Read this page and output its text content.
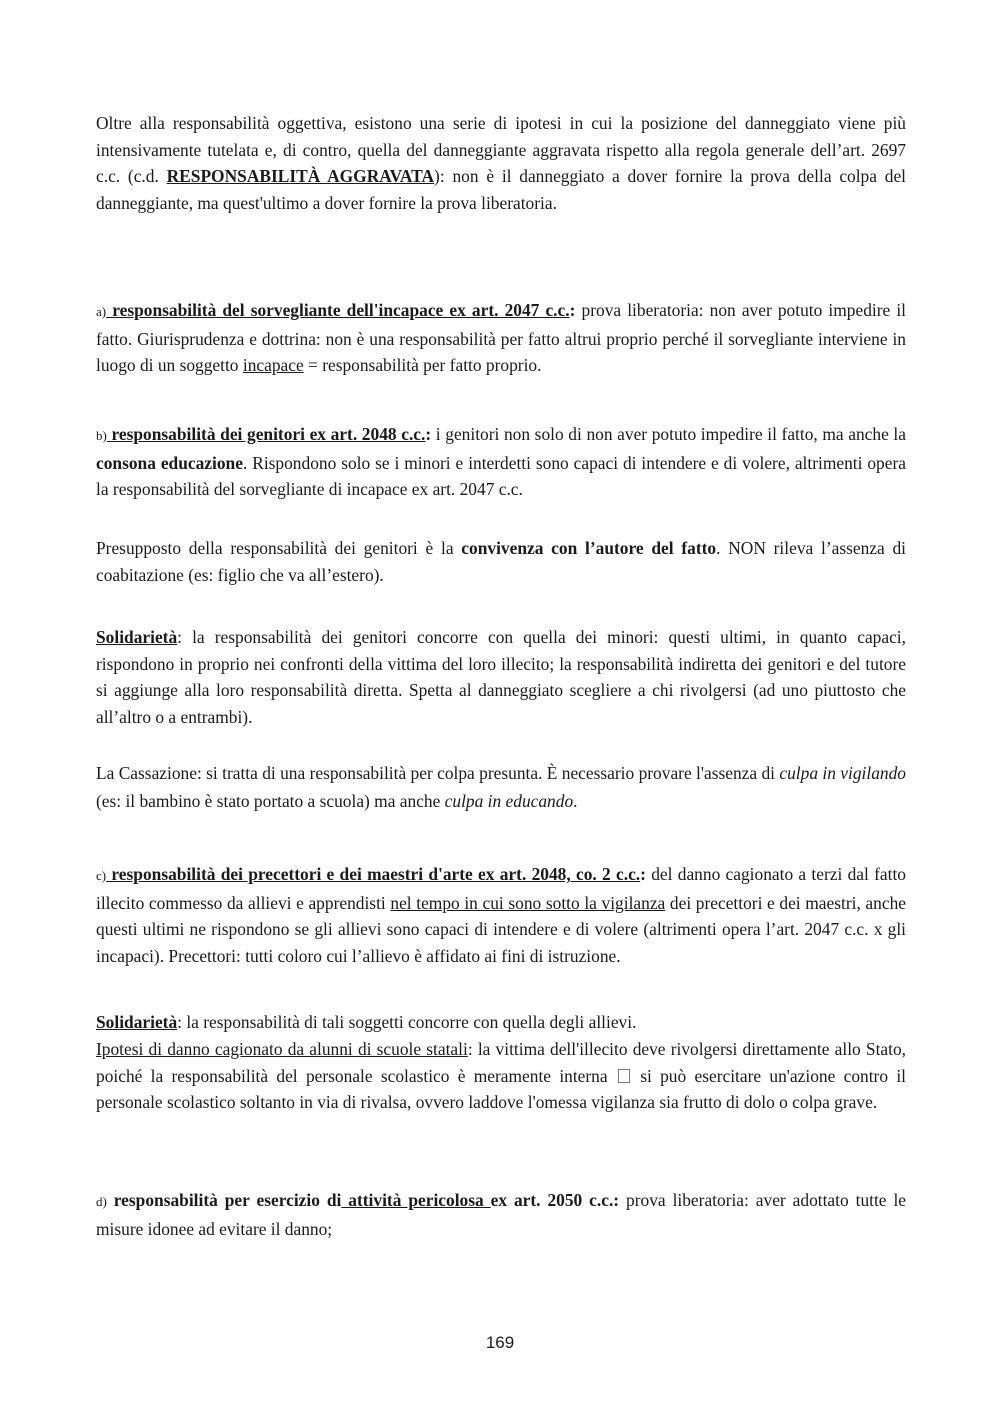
Oltre alla responsabilità oggettiva, esistono una serie di ipotesi in cui la posizione del danneggiato viene più intensivamente tutelata e, di contro, quella del danneggiante aggravata rispetto alla regola generale dell’art. 2697 c.c. (c.d. RESPONSABILITÀ AGGRAVATA): non è il danneggiato a dover fornire la prova della colpa del danneggiante, ma quest'ultimo a dover fornire la prova liberatoria.

a) responsabilità del sorvegliante dell'incapace ex art. 2047 c.c.: prova liberatoria: non aver potuto impedire il fatto. Giurisprudenza e dottrina: non è una responsabilità per fatto altrui proprio perché il sorvegliante interviene in luogo di un soggetto incapace = responsabilità per fatto proprio.

b) responsabilità dei genitori ex art. 2048 c.c.: i genitori non solo di non aver potuto impedire il fatto, ma anche la consona educazione. Rispondono solo se i minori e interdetti sono capaci di intendere e di volere, altrimenti opera la responsabilità del sorvegliante di incapace ex art. 2047 c.c.

Presupposto della responsabilità dei genitori è la convivenza con l’autore del fatto. NON rileva l’assenza di coabitazione (es: figlio che va all’estero).

Solidarietà: la responsabilità dei genitori concorre con quella dei minori: questi ultimi, in quanto capaci, rispondono in proprio nei confronti della vittima del loro illecito; la responsabilità indiretta dei genitori e del tutore si aggiunge alla loro responsabilità diretta. Spetta al danneggiato scegliere a chi rivolgersi (ad uno piuttosto che all’altro o a entrambi).

La Cassazione: si tratta di una responsabilità per colpa presunta. È necessario provare l'assenza di culpa in vigilando (es: il bambino è stato portato a scuola) ma anche culpa in educando.

c) responsabilità dei precettori e dei maestri d'arte ex art. 2048, co. 2 c.c.: del danno cagionato a terzi dal fatto illecito commesso da allievi e apprendisti nel tempo in cui sono sotto la vigilanza dei precettori e dei maestri, anche questi ultimi ne rispondono se gli allievi sono capaci di intendere e di volere (altrimenti opera l’art. 2047 c.c. x gli incapaci). Precettori: tutti coloro cui l’allievo è affidato ai fini di istruzione.

Solidarietà: la responsabilità di tali soggetti concorre con quella degli allievi.

Ipotesi di danno cagionato da alunni di scuole statali: la vittima dell'illecito deve rivolgersi direttamente allo Stato, poiché la responsabilità del personale scolastico è meramente interna  si può esercitare un'azione contro il personale scolastico soltanto in via di rivalsa, ovvero laddove l'omessa vigilanza sia frutto di dolo o colpa grave.

d) responsabilità per esercizio di attività pericolosa ex art. 2050 c.c.: prova liberatoria: aver adottato tutte le misure idonee ad evitare il danno;

169
